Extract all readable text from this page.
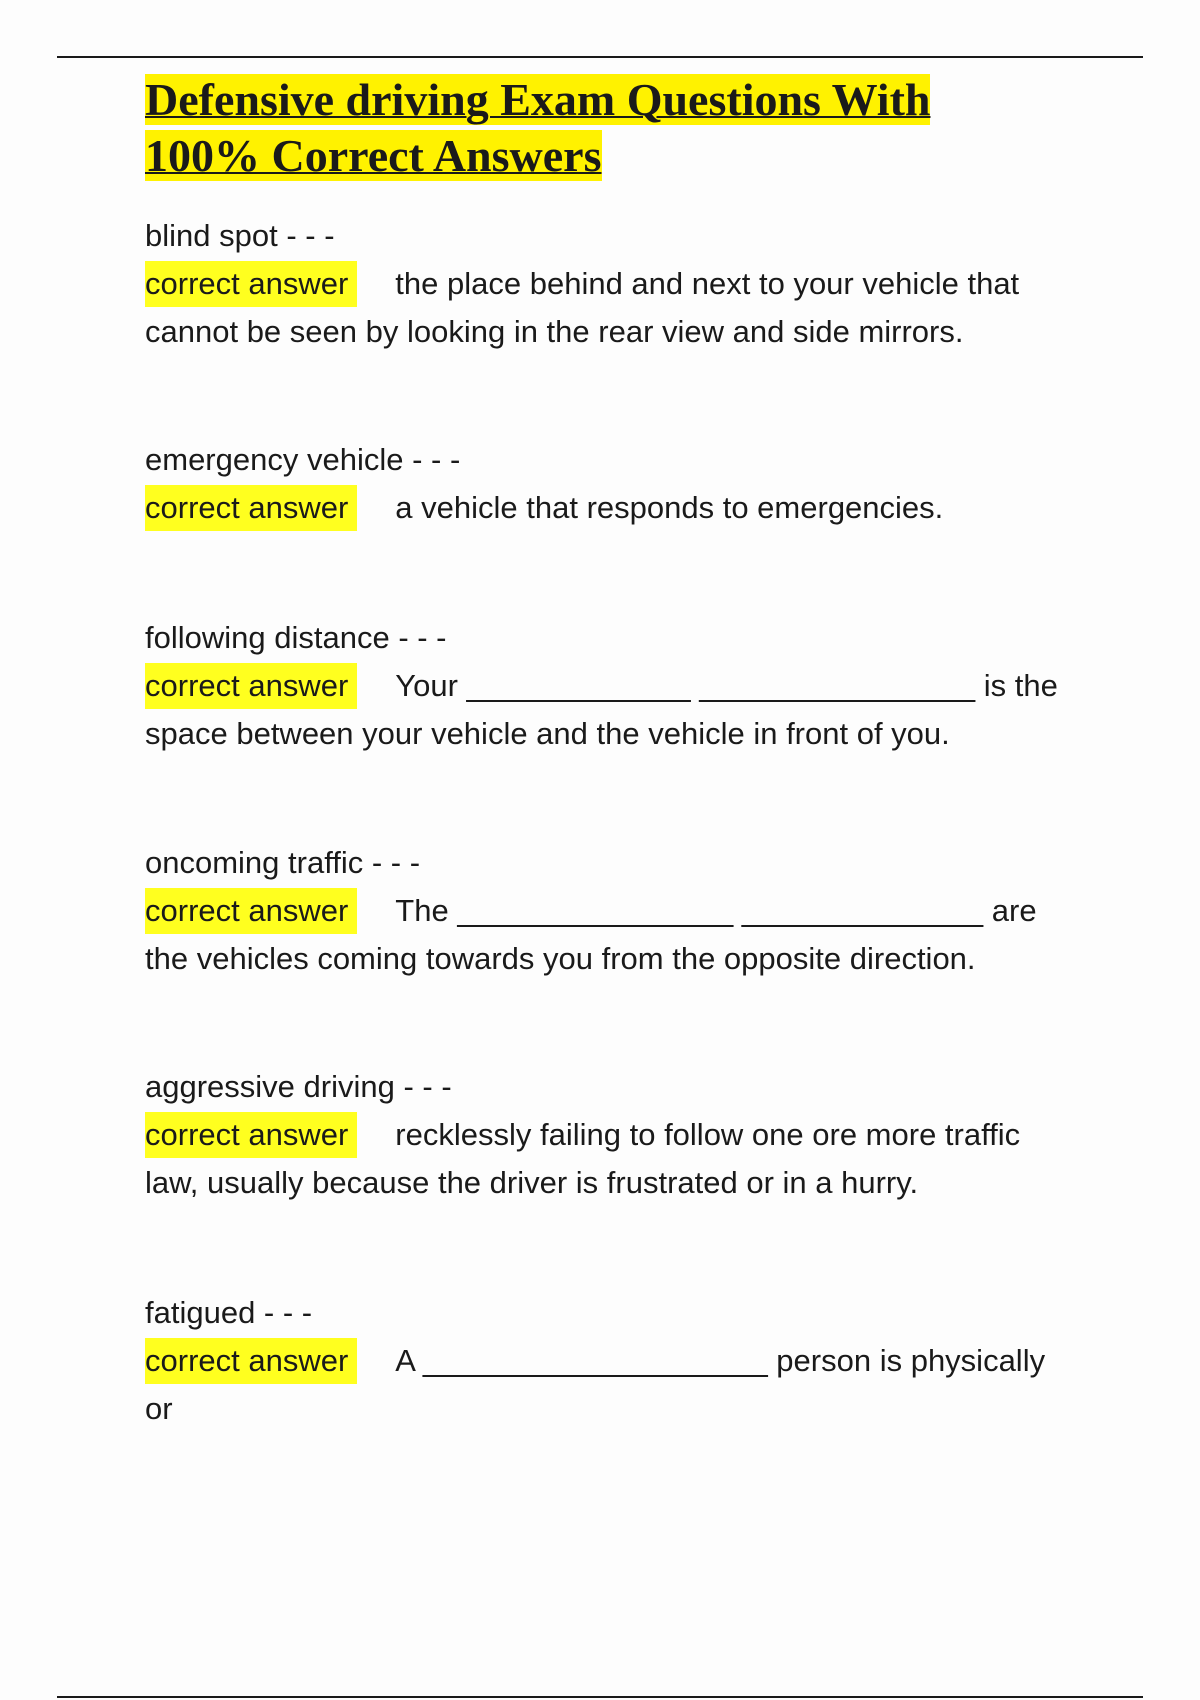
Defensive driving Exam Questions With
100% Correct Answers
blind spot - - -
correct answer the place behind and next to your vehicle that cannot be seen by looking in the rear view and side mirrors.
emergency vehicle - - -
correct answer a vehicle that responds to emergencies.
following distance - - -
correct answer Your _____________ ________________ is the space between your vehicle and the vehicle in front of you.
oncoming traffic - - -
correct answer The ________________ ______________ are the vehicles coming towards you from the opposite direction.
aggressive driving - - -
correct answer recklessly failing to follow one ore more traffic law, usually because the driver is frustrated or in a hurry.
fatigued - - -
correct answer A ____________________ person is physically or
